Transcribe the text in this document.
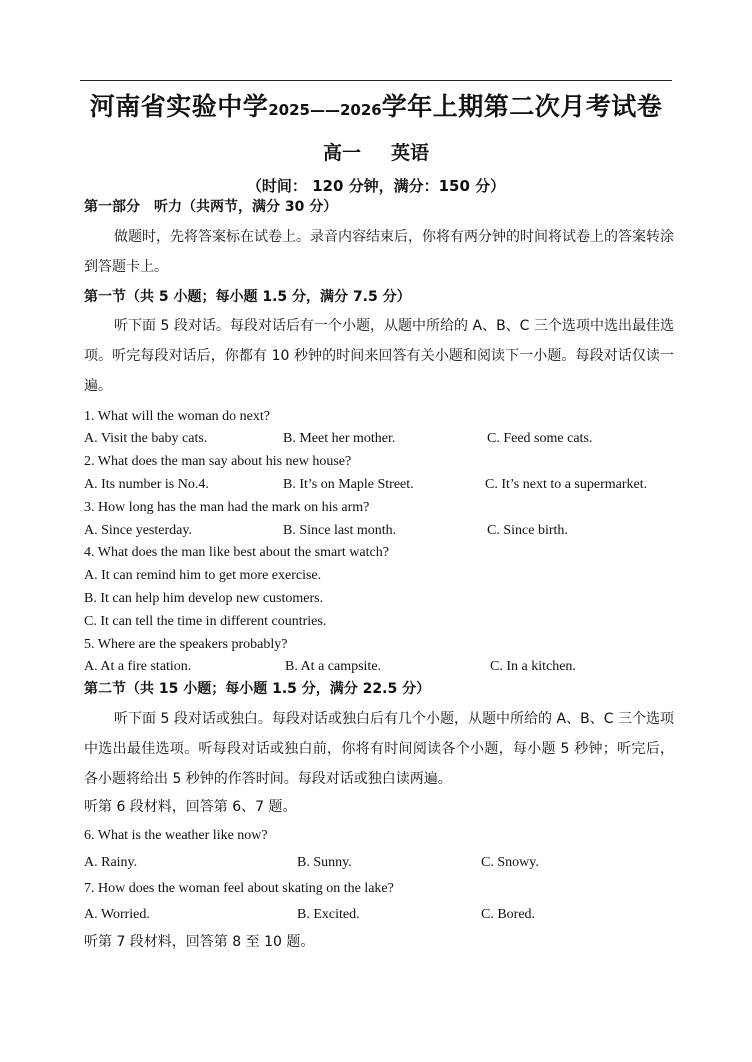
河南省实验中学2025——2026学年上期第二次月考试卷
高一 英语
（时间： 120 分钟，满分：150 分）
第一部分　听力（共两节，满分 30 分）
做题时，先将答案标在试卷上。录音内容结束后，你将有两分钟的时间将试卷上的答案转涂到答题卡上。
第一节（共 5 小题；每小题 1.5 分，满分 7.5 分）
听下面 5 段对话。每段对话后有一个小题，从题中所给的 A、B、C 三个选项中选出最佳选项。听完每段对话后，你都有 10 秒钟的时间来回答有关小题和阅读下一小题。每段对话仅读一遍。
1. What will the woman do next?
A. Visit the baby cats.	B. Meet her mother.	C. Feed some cats.
2. What does the man say about his new house?
A. Its number is No.4.	B. It’s on Maple Street.	C. It’s next to a supermarket.
3. How long has the man had the mark on his arm?
A. Since yesterday.	B. Since last month.	C. Since birth.
4. What does the man like best about the smart watch?
A. It can remind him to get more exercise.
B. It can help him develop new customers.
C. It can tell the time in different countries.
5. Where are the speakers probably?
A. At a fire station.	B. At a campsite.	C. In a kitchen.
第二节（共 15 小题；每小题 1.5 分，满分 22.5 分）
听下面 5 段对话或独白。每段对话或独白后有几个小题，从题中所给的 A、B、C 三个选项中选出最佳选项。听每段对话或独白前，你将有时间阅读各个小题，每小题 5 秒钟；听完后，各小题将给出 5 秒钟的作答时间。每段对话或独白读两遍。
听第 6 段材料，回答第 6、7 题。
6. What is the weather like now?
A. Rainy.	B. Sunny.	C. Snowy.
7. How does the woman feel about skating on the lake?
A. Worried.	B. Excited.	C. Bored.
听第 7 段材料，回答第 8 至 10 题。
